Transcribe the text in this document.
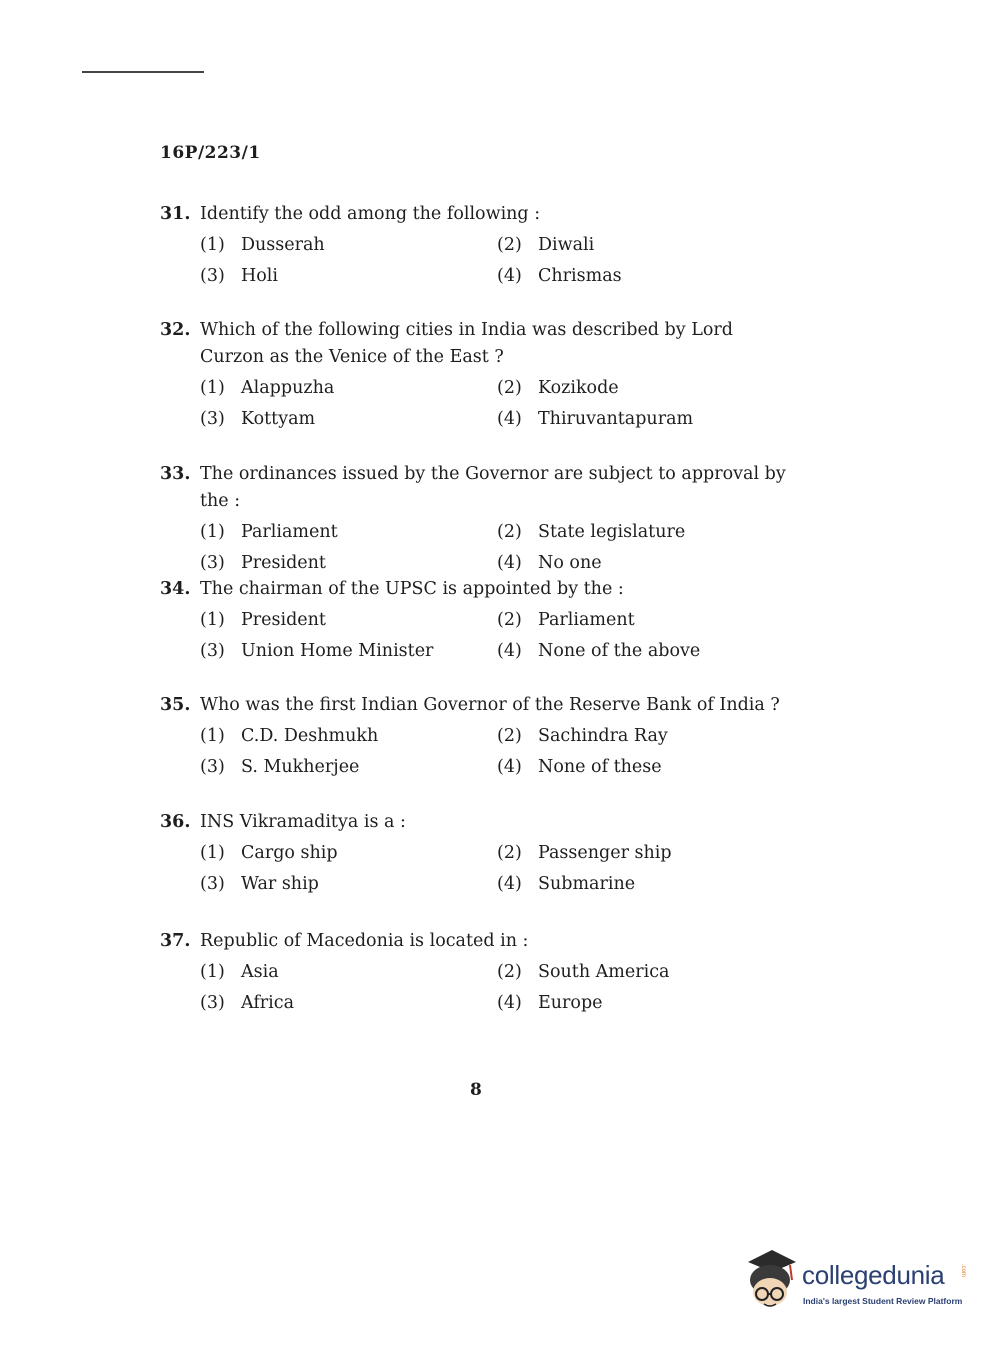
16P/223/1
31. Identify the odd among the following :
(1) Dusserah	(2) Diwali
(3) Holi	(4) Chrismas
32. Which of the following cities in India was described by Lord Curzon as the Venice of the East ?
(1) Alappuzha	(2) Kozikode
(3) Kottyam	(4) Thiruvantapuram
33. The ordinances issued by the Governor are subject to approval by the :
(1) Parliament	(2) State legislature
(3) President	(4) No one
34. The chairman of the UPSC is appointed by the :
(1) President	(2) Parliament
(3) Union Home Minister	(4) None of the above
35. Who was the first Indian Governor of the Reserve Bank of India ?
(1) C.D. Deshmukh	(2) Sachindra Ray
(3) S. Mukherjee	(4) None of these
36. INS Vikramaditya is a :
(1) Cargo ship	(2) Passenger ship
(3) War ship	(4) Submarine
37. Republic of Macedonia is located in :
(1) Asia	(2) South America
(3) Africa	(4) Europe
8
collegedunia	.com
India's largest Student Review Platform
